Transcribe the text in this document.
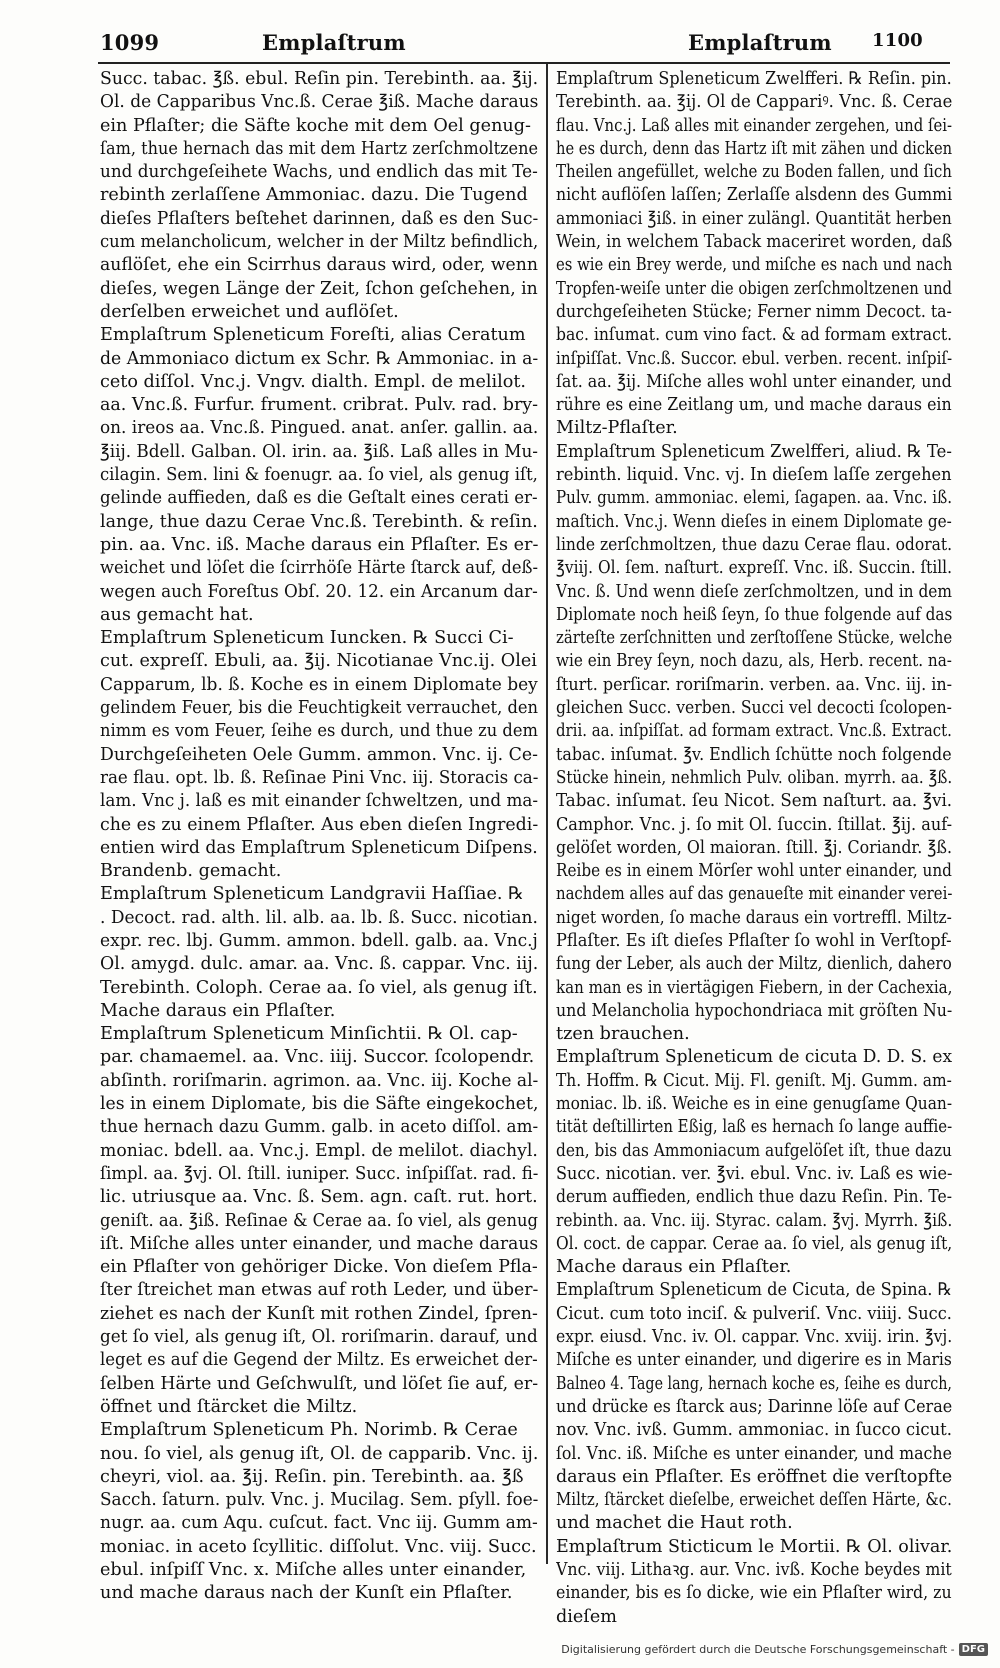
1099	Emplaſtrum	Emplaſtrum	1100
Succ. tabac. ℥ß. ebul. Reſin pin. Terebinth. aa. ℥ij.
Ol. de Capparibus Vnc.ß. Cerae ℥iß. Mache daraus
ein Pflaſter; die Säfte koche mit dem Oel genug-
ſam, thue hernach das mit dem Hartz zerſchmoltzene
und durchgeſeihete Wachs, und endlich das mit Te-
rebinth zerlaſſene Ammoniac. dazu. Die Tugend
dieſes Pflaſters beſtehet darinnen, daß es den Suc-
cum melancholicum, welcher in der Miltz befindlich,
auflöſet, ehe ein Scirrhus daraus wird, oder, wenn
dieſes, wegen Länge der Zeit, ſchon geſchehen, in
derſelben erweichet und auflöſet.
Emplaſtrum Spleneticum Foreſti, alias Ceratum
de Ammoniaco dictum ex Schr. ℞ Ammoniac. in a-
ceto diſſol. Vnc.j. Vngv. dialth. Empl. de melilot.
aa. Vnc.ß. Furfur. frument. cribrat. Pulv. rad. bry-
on. ireos aa. Vnc.ß. Pingued. anat. anſer. gallin. aa.
℥iij. Bdell. Galban. Ol. irin. aa. ℥iß. Laß alles in Mu-
cilagin. Sem. lini & foenugr. aa. ſo viel, als genug iſt,
gelinde auffieden, daß es die Geſtalt eines cerati er-
lange, thue dazu Cerae Vnc.ß. Terebinth. & reſin.
pin. aa. Vnc. iß. Mache daraus ein Pflaſter. Es er-
weichet und löſet die ſcirrhöſe Härte ſtarck auf, deß-
wegen auch Foreſtus Obſ. 20. 12. ein Arcanum dar-
aus gemacht hat.
Emplaſtrum Spleneticum Iuncken. ℞ Succi Ci-
cut. expreſſ. Ebuli, aa. ℥ij. Nicotianae Vnc.ij. Olei
Capparum, lb. ß. Koche es in einem Diplomate bey
gelindem Feuer, bis die Feuchtigkeit verrauchet, den
nimm es vom Feuer, ſeihe es durch, und thue zu dem
Durchgeſeiheten Oele Gumm. ammon. Vnc. ij. Ce-
rae flau. opt. lb. ß. Reſinae Pini Vnc. iij. Storacis ca-
lam. Vnc j. laß es mit einander ſchweltzen, und ma-
che es zu einem Pflaſter. Aus eben dieſen Ingredi-
entien wird das Emplaſtrum Spleneticum Diſpens.
Brandenb. gemacht.
Emplaſtrum Spleneticum Landgravii Haſſiae. ℞
. Decoct. rad. alth. lil. alb. aa. lb. ß. Succ. nicotian.
expr. rec. lbj. Gumm. ammon. bdell. galb. aa. Vnc.j
Ol. amygd. dulc. amar. aa. Vnc. ß. cappar. Vnc. iij.
Terebinth. Coloph. Cerae aa. ſo viel, als genug iſt.
Mache daraus ein Pflaſter.
Emplaſtrum Spleneticum Minſichtii. ℞ Ol. cap-
par. chamaemel. aa. Vnc. iiij. Succor. ſcolopendr.
abſinth. roriſmarin. agrimon. aa. Vnc. iij. Koche al-
les in einem Diplomate, bis die Säfte eingekochet,
thue hernach dazu Gumm. galb. in aceto diſſol. am-
moniac. bdell. aa. Vnc.j. Empl. de melilot. diachyl.
ſimpl. aa. ℥vj. Ol. ſtill. iuniper. Succ. inſpiſſat. rad. fi-
lic. utriusque aa. Vnc. ß. Sem. agn. caſt. rut. hort.
geniſt. aa. ℥iß. Reſinae & Cerae aa. ſo viel, als genug
iſt. Miſche alles unter einander, und mache daraus
ein Pflaſter von gehöriger Dicke. Von dieſem Pfla-
ſter ſtreichet man etwas auf roth Leder, und über-
ziehet es nach der Kunſt mit rothen Zindel, ſpren-
get ſo viel, als genug iſt, Ol. roriſmarin. darauf, und
leget es auf die Gegend der Miltz. Es erweichet der-
ſelben Härte und Geſchwulſt, und löſet ſie auf, er-
öffnet und ſtärcket die Miltz.
Emplaſtrum Spleneticum Ph. Norimb. ℞ Cerae
nou. ſo viel, als genug iſt, Ol. de capparib. Vnc. ij.
cheyri, viol. aa. ℥ij. Reſin. pin. Terebinth. aa. ℥ß
Sacch. ſaturn. pulv. Vnc. j. Mucilag. Sem. pſyll. foe-
nugr. aa. cum Aqu. cuſcut. fact. Vnc iij. Gumm am-
moniac. in aceto ſcyllitic. diſſolut. Vnc. viij. Succ.
ebul. inſpiſſ Vnc. x. Miſche alles unter einander,
und mache daraus nach der Kunſt ein Pflaſter.
Emplaſtrum Spleneticum Zwelfferi. ℞ Reſin. pin.
Terebinth. aa. ℥ij. Ol de Cappariꝰ. Vnc. ß. Cerae
flau. Vnc.j. Laß alles mit einander zergehen, und ſei-
he es durch, denn das Hartz iſt mit zähen und dicken
Theilen angefüllet, welche zu Boden fallen, und ſich
nicht auflöſen laſſen; Zerlaſſe alsdenn des Gummi
ammoniaci ℥iß. in einer zulängl. Quantität herben
Wein, in welchem Taback maceriret worden, daß
es wie ein Brey werde, und miſche es nach und nach
Tropfen-weiſe unter die obigen zerſchmoltzenen und
durchgeſeiheten Stücke; Ferner nimm Decoct. ta-
bac. inſumat. cum vino fact. & ad formam extract.
inſpiſſat. Vnc.ß. Succor. ebul. verben. recent. inſpiſ-
ſat. aa. ℥ij. Miſche alles wohl unter einander, und
rühre es eine Zeitlang um, und mache daraus ein
Miltz-Pflaſter.
Emplaſtrum Spleneticum Zwelfferi, aliud. ℞ Te-
rebinth. liquid. Vnc. vj. In dieſem laſſe zergehen
Pulv. gumm. ammoniac. elemi, ſagapen. aa. Vnc. iß.
maſtich. Vnc.j. Wenn dieſes in einem Diplomate ge-
linde zerſchmoltzen, thue dazu Cerae flau. odorat.
℥viij. Ol. ſem. naſturt. expreſſ. Vnc. iß. Succin. ſtill.
Vnc. ß. Und wenn dieſe zerſchmoltzen, und in dem
Diplomate noch heiß ſeyn, ſo thue folgende auf das
zärteſte zerſchnitten und zerſtoſſene Stücke, welche
wie ein Brey ſeyn, noch dazu, als, Herb. recent. na-
ſturt. perſicar. roriſmarin. verben. aa. Vnc. iij. in-
gleichen Succ. verben. Succi vel decocti ſcolopen-
drii. aa. inſpiſſat. ad formam extract. Vnc.ß. Extract.
tabac. inſumat. ℥v. Endlich ſchütte noch folgende
Stücke hinein, nehmlich Pulv. oliban. myrrh. aa. ℥ß.
Tabac. inſumat. ſeu Nicot. Sem naſturt. aa. ℥vi.
Camphor. Vnc. j. ſo mit Ol. ſuccin. ſtillat. ℥ij. auf-
gelöſet worden, Ol maioran. ſtill. ℥j. Coriandr. ℥ß.
Reibe es in einem Mörſer wohl unter einander, und
nachdem alles auf das genaueſte mit einander verei-
niget worden, ſo mache daraus ein vortreffl. Miltz-
Pflaſter. Es iſt dieſes Pflaſter ſo wohl in Verſtopf-
fung der Leber, als auch der Miltz, dienlich, dahero
kan man es in viertägigen Fiebern, in der Cachexia,
und Melancholia hypochondriaca mit gröſten Nu-
tzen brauchen.
Emplaſtrum Spleneticum de cicuta D. D. S. ex
Th. Hoffm. ℞ Cicut. Mij. Fl. geniſt. Mj. Gumm. am-
moniac. lb. iß. Weiche es in eine genugſame Quan-
tität deſtillirten Eßig, laß es hernach ſo lange auffie-
den, bis das Ammoniacum aufgelöſet iſt, thue dazu
Succ. nicotian. ver. ℥vi. ebul. Vnc. iv. Laß es wie-
derum auffieden, endlich thue dazu Reſin. Pin. Te-
rebinth. aa. Vnc. iij. Styrac. calam. ℥vj. Myrrh. ℥iß.
Ol. coct. de cappar. Cerae aa. ſo viel, als genug iſt,
Mache daraus ein Pflaſter.
Emplaſtrum Spleneticum de Cicuta, de Spina. ℞
Cicut. cum toto inciſ. & pulveriſ. Vnc. viiij. Succ.
expr. eiusd. Vnc. iv. Ol. cappar. Vnc. xviij. irin. ℥vj.
Miſche es unter einander, und digerire es in Maris
Balneo 4. Tage lang, hernach koche es, ſeihe es durch,
und drücke es ſtarck aus; Darinne löſe auf Cerae
nov. Vnc. ivß. Gumm. ammoniac. in ſucco cicut.
ſol. Vnc. iß. Miſche es unter einander, und mache
daraus ein Pflaſter. Es eröffnet die verſtopfte
Miltz, ſtärcket dieſelbe, erweichet deſſen Härte, &c.
und machet die Haut roth.
Emplaſtrum Sticticum le Mortii. ℞ Ol. olivar.
Vnc. viij. Lithaꝛg. aur. Vnc. ivß. Koche beydes mit
einander, bis es ſo dicke, wie ein Pflaſter wird, zu
dieſem
Digitalisierung gefördert durch die Deutsche Forschungsgemeinschaft - DFG
